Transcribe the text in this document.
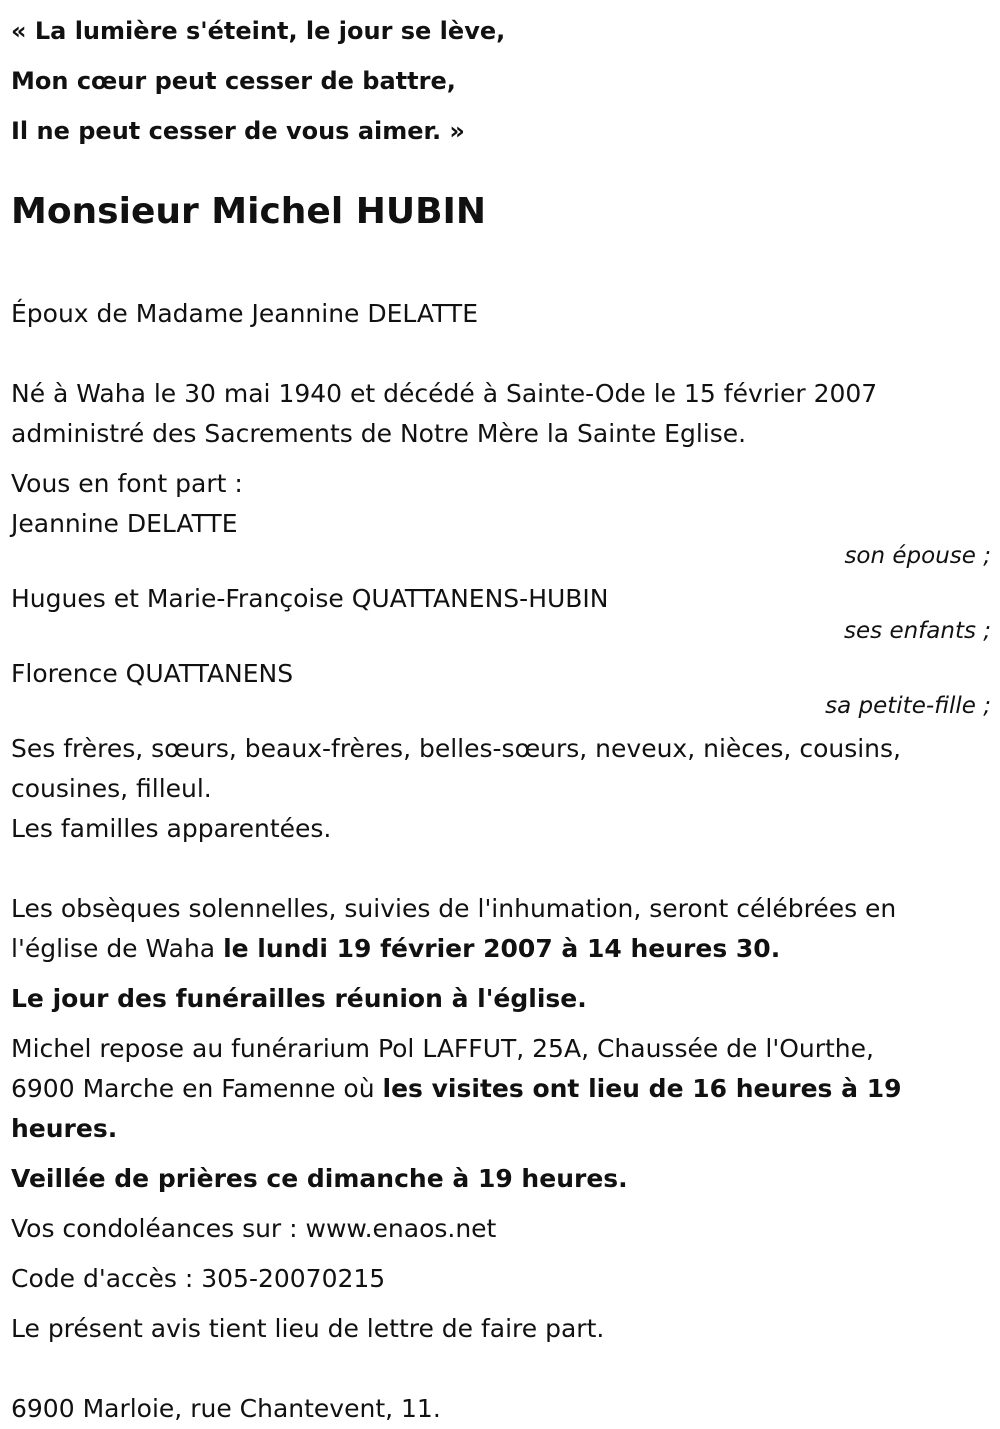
« La lumière s'éteint, le jour se lève,

Mon cœur peut cesser de battre,

Il ne peut cesser de vous aimer. »

Monsieur Michel HUBIN

Époux de Madame Jeannine DELATTE

Né à Waha le 30 mai 1940 et décédé à Sainte-Ode le 15 février 2007

administré des Sacrements de Notre Mère la Sainte Eglise.

Vous en font part :

Jeannine DELATTE

son épouse ;

Hugues et Marie-Françoise QUATTANENS-HUBIN

ses enfants ;

Florence QUATTANENS

sa petite-fille ;

Ses frères, sœurs, beaux-frères, belles-sœurs, neveux, nièces, cousins,

cousines, filleul.

Les familles apparentées.

Les obsèques solennelles, suivies de l'inhumation, seront célébrées en

l'église de Waha le lundi 19 février 2007 à 14 heures 30.

Le jour des funérailles réunion à l'église.

Michel repose au funérarium Pol LAFFUT, 25A, Chaussée de l'Ourthe,

6900 Marche en Famenne où les visites ont lieu de 16 heures à 19

heures.

Veillée de prières ce dimanche à 19 heures.

Vos condoléances sur : www.enaos.net

Code d'accès : 305-20070215

Le présent avis tient lieu de lettre de faire part.

6900 Marloie, rue Chantevent, 11.
